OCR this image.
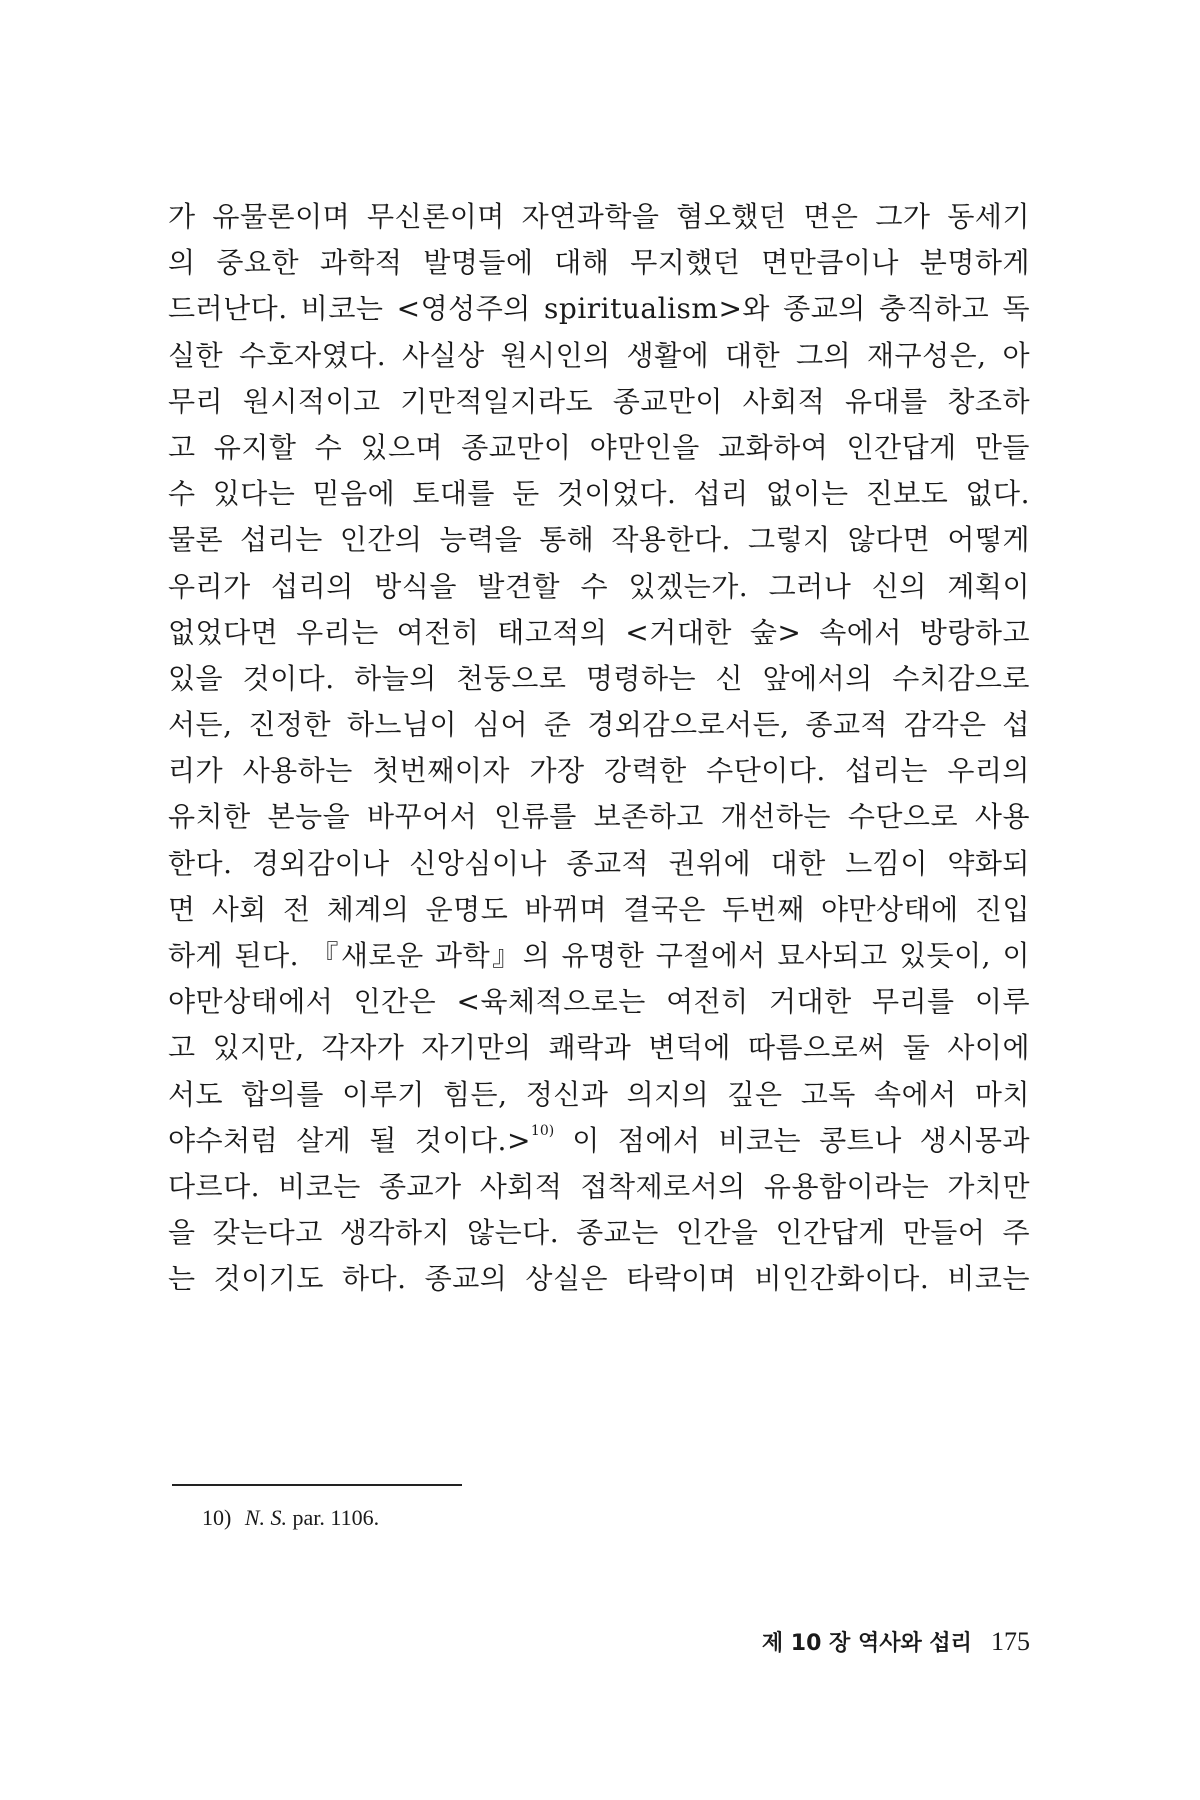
가 유물론이며 무신론이며 자연과학을 혐오했던 면은 그가 동세기
의 중요한 과학적 발명들에 대해 무지했던 면만큼이나 분명하게
드러난다. 비코는 <영성주의 spiritualism>와 종교의 충직하고 독
실한 수호자였다. 사실상 원시인의 생활에 대한 그의 재구성은, 아
무리 원시적이고 기만적일지라도 종교만이 사회적 유대를 창조하
고 유지할 수 있으며 종교만이 야만인을 교화하여 인간답게 만들
수 있다는 믿음에 토대를 둔 것이었다. 섭리 없이는 진보도 없다.
물론 섭리는 인간의 능력을 통해 작용한다. 그렇지 않다면 어떻게
우리가 섭리의 방식을 발견할 수 있겠는가. 그러나 신의 계획이
없었다면 우리는 여전히 태고적의 <거대한 숲> 속에서 방랑하고
있을 것이다. 하늘의 천둥으로 명령하는 신 앞에서의 수치감으로
서든, 진정한 하느님이 심어 준 경외감으로서든, 종교적 감각은 섭
리가 사용하는 첫번째이자 가장 강력한 수단이다. 섭리는 우리의
유치한 본능을 바꾸어서 인류를 보존하고 개선하는 수단으로 사용
한다. 경외감이나 신앙심이나 종교적 권위에 대한 느낌이 약화되
면 사회 전 체계의 운명도 바뀌며 결국은 두번째 야만상태에 진입
하게 된다. 『새로운 과학』의 유명한 구절에서 묘사되고 있듯이, 이
야만상태에서 인간은 <육체적으로는 여전히 거대한 무리를 이루
고 있지만, 각자가 자기만의 쾌락과 변덕에 따름으로써 둘 사이에
서도 합의를 이루기 힘든, 정신과 의지의 깊은 고독 속에서 마치
야수처럼 살게 될 것이다.>$^{10)}$ 이 점에서 비코는 콩트나 생시몽과
다르다. 비코는 종교가 사회적 접착제로서의 유용함이라는 가치만
을 갖는다고 생각하지 않는다. 종교는 인간을 인간답게 만들어 주
는 것이기도 하다. 종교의 상실은 타락이며 비인간화이다. 비코는
10) N. S. par. 1106.
제 10 장 역사와 섭리 175
